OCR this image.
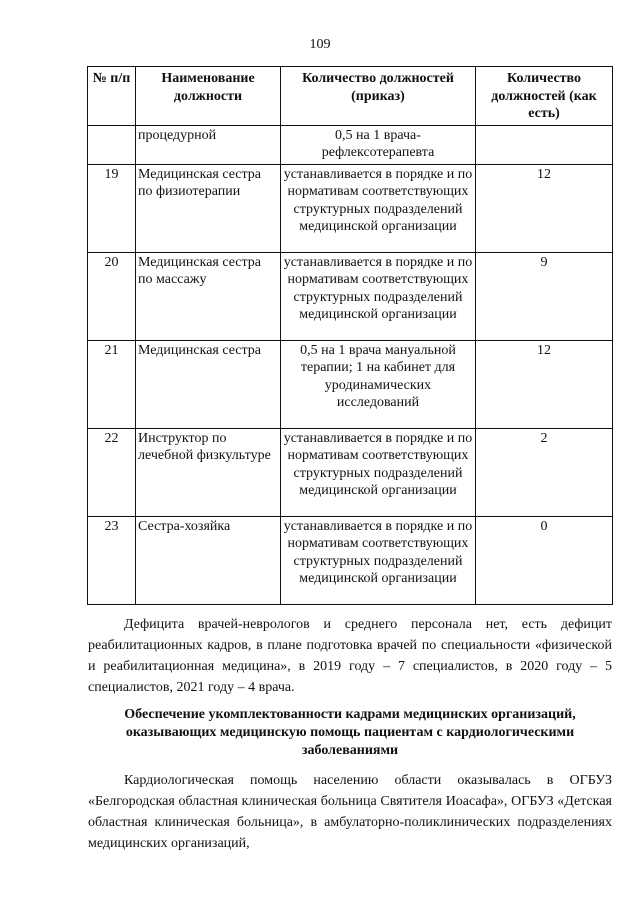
109
№ п/п	Наименование должности	Количество должностей (приказ)	Количество должностей (как есть)
	процедурной	0,5 на 1 врача-рефлексотерапевта	
19	Медицинская сестра по физиотерапии	устанавливается в порядке и по нормативам соответствующих структурных подразделений медицинской организации	12
20	Медицинская сестра по массажу	устанавливается в порядке и по нормативам соответствующих структурных подразделений медицинской организации	9
21	Медицинская сестра	0,5 на 1 врача мануальной терапии; 1 на кабинет для уродинамических исследований	12
22	Инструктор по лечебной физкультуре	устанавливается в порядке и по нормативам соответствующих структурных подразделений медицинской организации	2
23	Сестра-хозяйка	устанавливается в порядке и по нормативам соответствующих структурных подразделений медицинской организации	0

Дефицита врачей-неврологов и среднего персонала нет, есть дефицит реабилитационных кадров, в плане подготовка врачей по специальности «физической и реабилитационная медицина», в 2019 году – 7 специалистов, в 2020 году – 5 специалистов, 2021 году – 4 врача.

Обеспечение укомплектованности кадрами медицинских организаций, оказывающих медицинскую помощь пациентам с кардиологическими заболеваниями

Кардиологическая помощь населению области оказывалась в ОГБУЗ «Белгородская областная клиническая больница Святителя Иоасафа», ОГБУЗ «Детская областная клиническая больница», в амбулаторно-поликлинических подразделениях медицинских организаций,
